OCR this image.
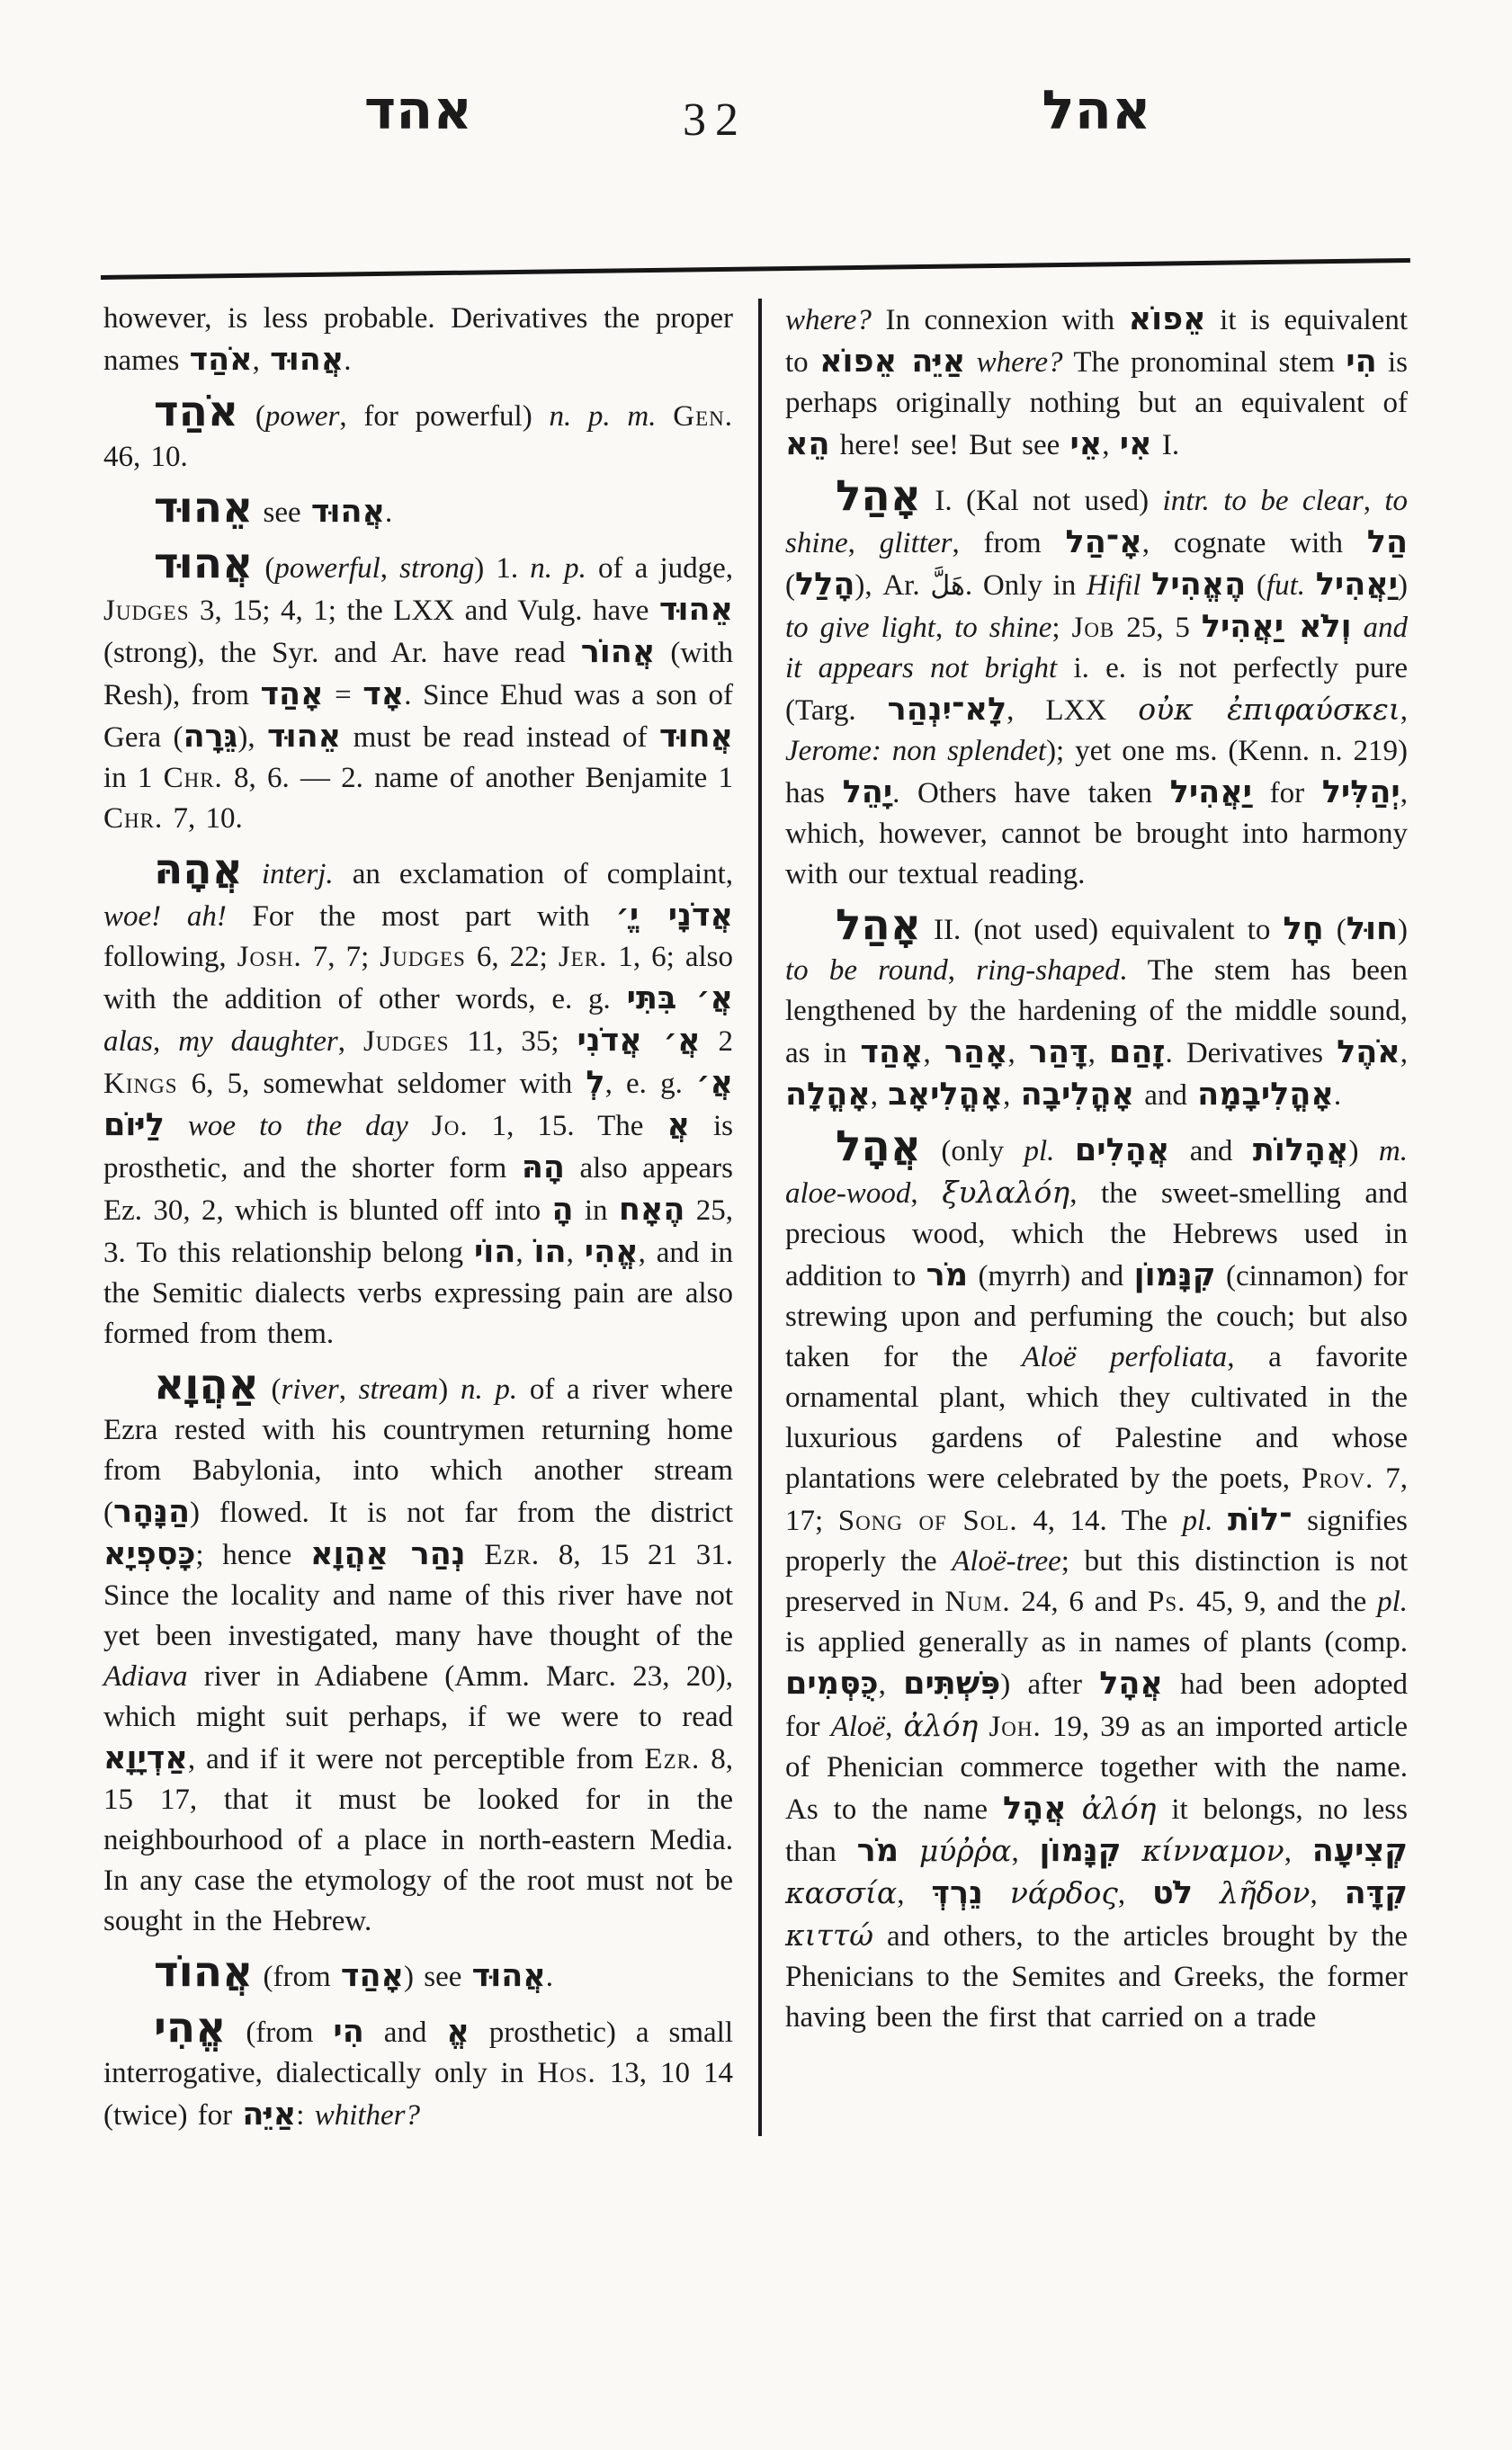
אהד	32	אהל

however, is less probable. Derivatives the proper names אֹהַד, אֲהוּד.

אֹהַד (power, for powerful) n. p. m. Gen. 46, 10.

אֵהוּד see אֲהוּד.

אֲהוּד (powerful, strong) 1. n. p. of a judge, Judges 3, 15; 4, 1; the LXX and Vulg. have אֵהוּד (strong), the Syr. and Ar. have read אֲהוֹר (with Resh), from אָהַד = אָד. Since Ehud was a son of Gera (גֵּרָה), אֵהוּד must be read instead of אֲחוּד in 1 Chr. 8, 6. — 2. name of another Benjamite 1 Chr. 7, 10.

אֲהָהּ interj. an exclamation of complaint, woe! ah! For the most part with אֲדֹנָי יֱ׳ following, Josh. 7, 7; Judges 6, 22; Jer. 1, 6; also with the addition of other words, e. g. אֲ׳ בִּתִּי alas, my daughter, Judges 11, 35; אֲ׳ אֲדֹנִי 2 Kings 6, 5, somewhat seldomer with לְ, e. g. אֲ׳ לַיּוֹם woe to the day Jo. 1, 15. The אֲ is prosthetic, and the shorter form הָהּ also appears Ez. 30, 2, which is blunted off into הָ in הֶאָח 25, 3. To this relationship belong הוֹי, הוֹ, אֱהִי, and in the Semitic dialects verbs expressing pain are also formed from them.

אַהֲוָא (river, stream) n. p. of a river where Ezra rested with his countrymen returning home from Babylonia, into which another stream (הַנָּהָר) flowed. It is not far from the district כָּסִפְיָא; hence נְהַר אַהֲוָא Ezr. 8, 15 21 31. Since the locality and name of this river have not yet been investigated, many have thought of the Adiava river in Adiabene (Amm. Marc. 23, 20), which might suit perhaps, if we were to read אַדְיָוָא, and if it were not perceptible from Ezr. 8, 15 17, that it must be looked for in the neighbourhood of a place in north-eastern Media. In any case the etymology of the root must not be sought in the Hebrew.

אֲהוֹד (from אָהַד) see אֲהוּד.

אֱהִי (from הִי and אֱ prosthetic) a small interrogative, dialectically only in Hos. 13, 10 14 (twice) for אַיֵּה: whither?

where? In connexion with אֵפוֹא it is equivalent to אַיֵּה אֵפוֹא where? The pronominal stem הִי is perhaps originally nothing but an equivalent of הֵא here! see! But see אֵי, אִי I.

אָהַל I. (Kal not used) intr. to be clear, to shine, glitter, from אָ־הַל, cognate with הַל (הָלַל), Ar. هَلَّ. Only in Hifil הֶאֱהִיל (fut. יַאֲהִיל) to give light, to shine; Job 25, 5 וְלֹא יַאֲהִיל and it appears not bright i. e. is not perfectly pure (Targ. לָא־יִנְהַר, LXX οὐκ ἐπιφαύσκει, Jerome: non splendet); yet one ms. (Kenn. n. 219) has יָהֵל. Others have taken יַאֲהִיל for יְהַלִּיל, which, however, cannot be brought into harmony with our textual reading.

אָהַל II. (not used) equivalent to חָל (חוּל) to be round, ring-shaped. The stem has been lengthened by the hardening of the middle sound, as in אָהַד, אָהַר, דָּהַר, זָהַם. Derivatives אֹהֶל, אָהֳלָה, אָהֳלִיאָב, אָהֳלִיבָה and אָהֳלִיבָמָה.

אֲהָל (only pl. אֲהָלִים and אֲהָלוֹת) m. aloe-wood, ξυλαλόη, the sweet-smelling and precious wood, which the Hebrews used in addition to מֹר (myrrh) and קִנָּמוֹן (cinnamon) for strewing upon and perfuming the couch; but also taken for the Aloë perfoliata, a favorite ornamental plant, which they cultivated in the luxurious gardens of Palestine and whose plantations were celebrated by the poets, Prov. 7, 17; Song of Sol. 4, 14. The pl. ־לוֹת signifies properly the Aloë-tree; but this distinction is not preserved in Num. 24, 6 and Ps. 45, 9, and the pl. is applied generally as in names of plants (comp. כֻּסְּמִים, פִּשְׁתִּים) after אֲהָל had been adopted for Aloë, ἀλόη Joh. 19, 39 as an imported article of Phenician commerce together with the name. As to the name אֲהָל ἀλόη it belongs, no less than מֹר μύῤῥα, קִנָּמוֹן κίνναμον, קְצִיעָה κασσία, נֵרְדְּ νάρδος, לֹט λῆδον, קִדָּה κιττώ and others, to the articles brought by the Phenicians to the Semites and Greeks, the former having been the first that carried on a trade
